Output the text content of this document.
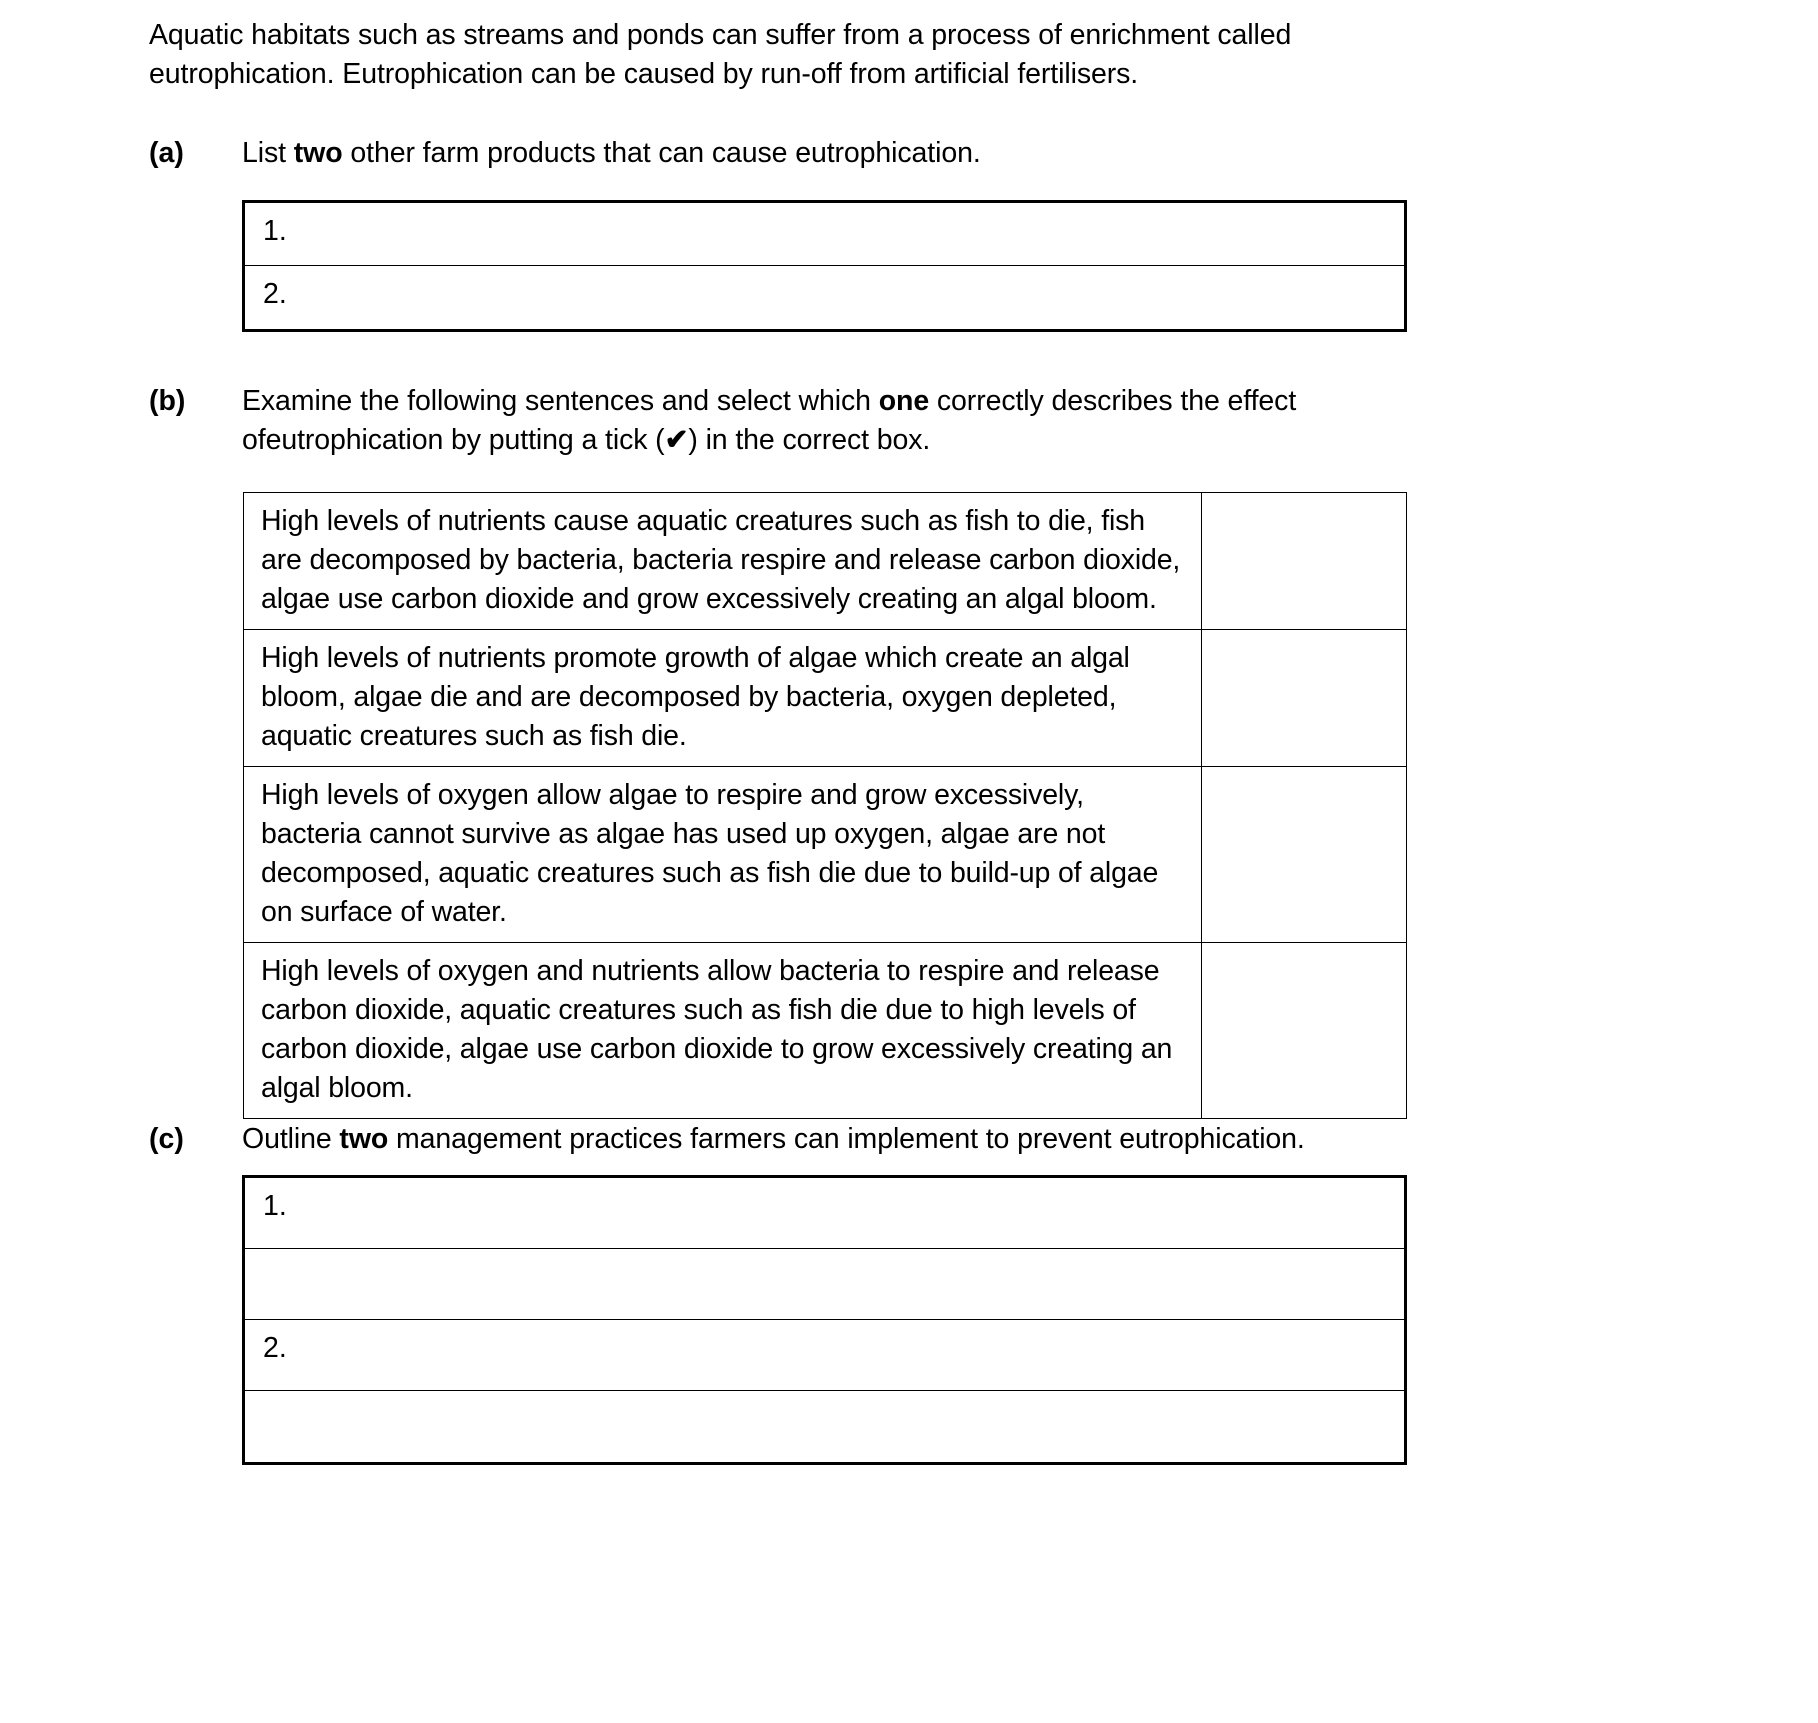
Aquatic habitats such as streams and ponds can suffer from a process of enrichment called eutrophication. Eutrophication can be caused by run-off from artificial fertilisers.
(a)	List two other farm products that can cause eutrophication.
1.
2.
(b)	Examine the following sentences and select which one correctly describes the effect ofeutrophication by putting a tick (✔) in the correct box.
High levels of nutrients cause aquatic creatures such as fish to die, fish are decomposed by bacteria, bacteria respire and release carbon dioxide, algae use carbon dioxide and grow excessively creating an algal bloom.
High levels of nutrients promote growth of algae which create an algal bloom, algae die and are decomposed by bacteria, oxygen depleted, aquatic creatures such as fish die.
High levels of oxygen allow algae to respire and grow excessively, bacteria cannot survive as algae has used up oxygen, algae are not decomposed, aquatic creatures such as fish die due to build-up of algae on surface of water.
High levels of oxygen and nutrients allow bacteria to respire and release carbon dioxide, aquatic creatures such as fish die due to high levels of carbon dioxide, algae use carbon dioxide to grow excessively creating an algal bloom.
(c)	Outline two management practices farmers can implement to prevent eutrophication.
1.
2.
